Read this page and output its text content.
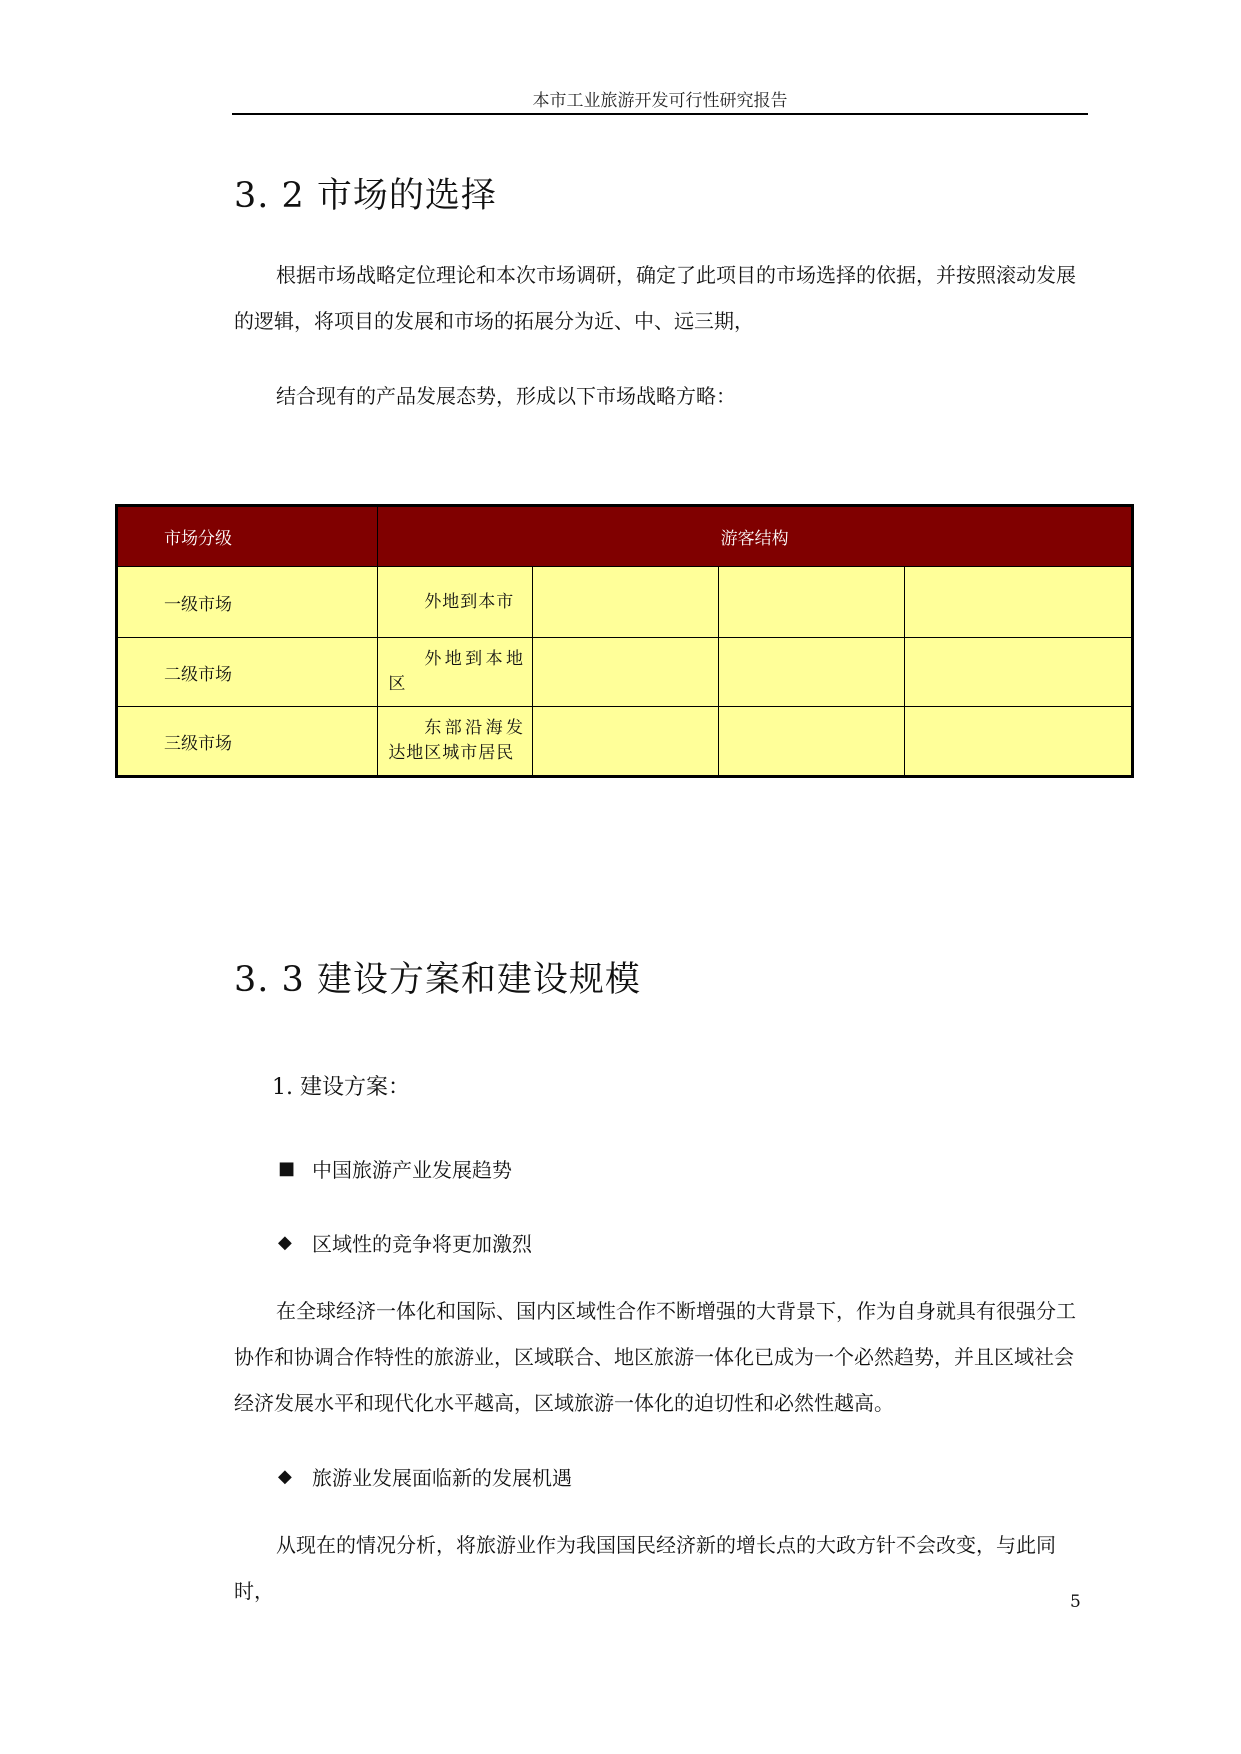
本市工业旅游开发可行性研究报告
3. 2 市场的选择

根据市场战略定位理论和本次市场调研，确定了此项目的市场选择的依据，并按照滚动发展的逻辑，将项目的发展和市场的拓展分为近、中、远三期，

结合现有的产品发展态势，形成以下市场战略方略：

市场分级	游客结构			
一级市场	外地到本市			
二级市场	外地到本地区			
三级市场	东部沿海发达地区城市居民			
3. 3 建设方案和建设规模
1. 建设方案：
■ 中国旅游产业发展趋势
◆ 区域性的竞争将更加激烈

在全球经济一体化和国际、国内区域性合作不断增强的大背景下，作为自身就具有很强分工协作和协调合作特性的旅游业，区域联合、地区旅游一体化已成为一个必然趋势，并且区域社会经济发展水平和现代化水平越高，区域旅游一体化的迫切性和必然性越高。

◆ 旅游业发展面临新的发展机遇

从现在的情况分析，将旅游业作为我国国民经济新的增长点的大政方针不会改变，与此同时，	5
